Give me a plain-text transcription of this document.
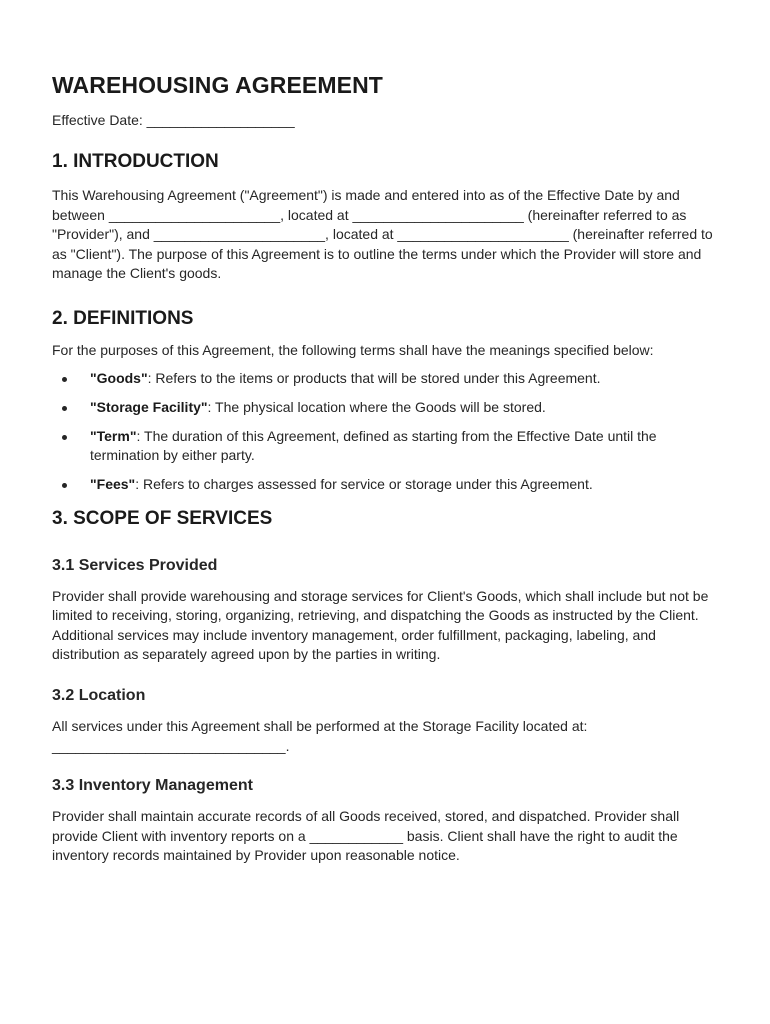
WAREHOUSING AGREEMENT
Effective Date: ___________________
1. INTRODUCTION

This Warehousing Agreement ("Agreement") is made and entered into as of the Effective Date by and between ______________________, located at ______________________ (hereinafter referred to as "Provider"), and ______________________, located at ______________________ (hereinafter referred to as "Client"). The purpose of this Agreement is to outline the terms under which the Provider will store and manage the Client's goods.

2. DEFINITIONS

For the purposes of this Agreement, the following terms shall have the meanings specified below:

"Goods": Refers to the items or products that will be stored under this Agreement.
"Storage Facility": The physical location where the Goods will be stored.
"Term": The duration of this Agreement, defined as starting from the Effective Date until the termination by either party.
"Fees": Refers to charges assessed for service or storage under this Agreement.
3. SCOPE OF SERVICES
3.1 Services Provided

Provider shall provide warehousing and storage services for Client's Goods, which shall include but not be limited to receiving, storing, organizing, retrieving, and dispatching the Goods as instructed by the Client. Additional services may include inventory management, order fulfillment, packaging, labeling, and distribution as separately agreed upon by the parties in writing.

3.2 Location

All services under this Agreement shall be performed at the Storage Facility located at: ______________________________.

3.3 Inventory Management

Provider shall maintain accurate records of all Goods received, stored, and dispatched. Provider shall provide Client with inventory reports on a ____________ basis. Client shall have the right to audit the inventory records maintained by Provider upon reasonable notice.
